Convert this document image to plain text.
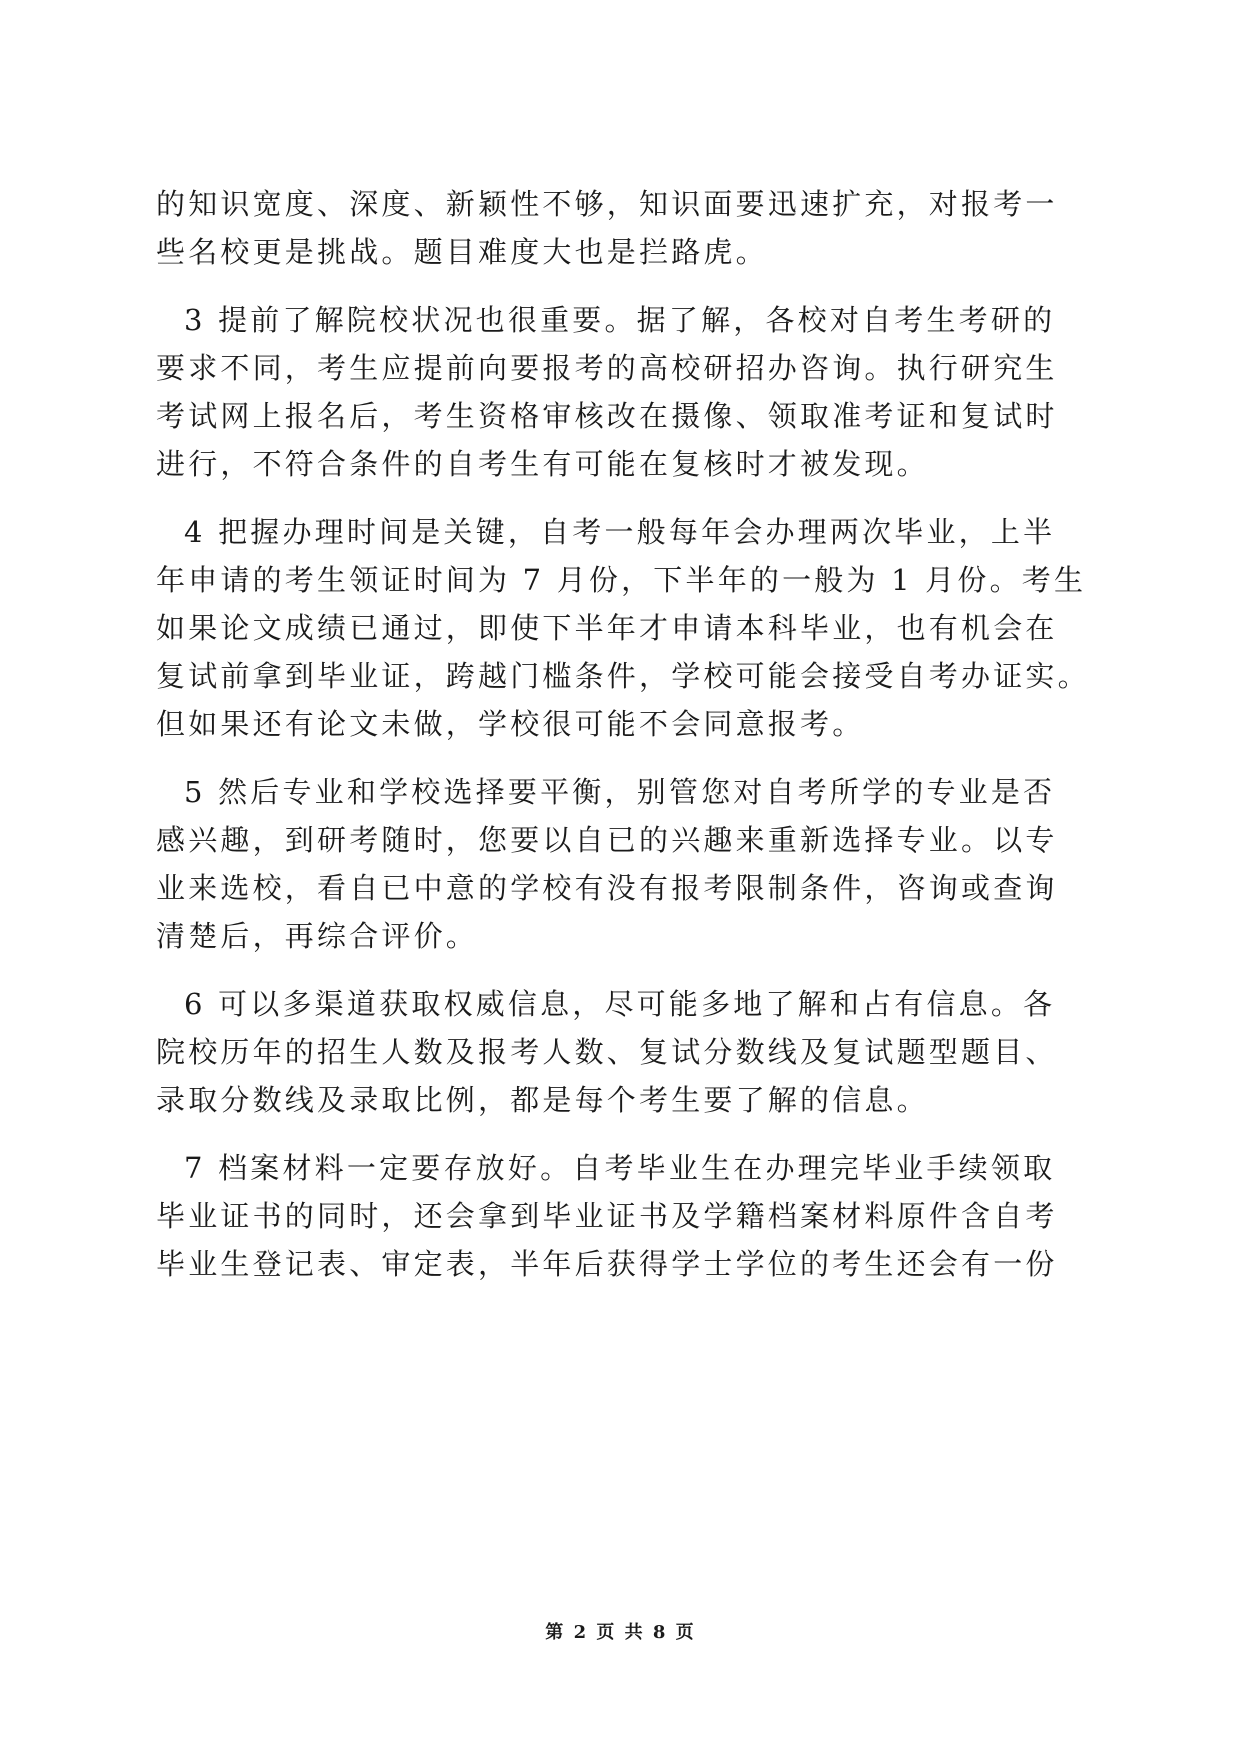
的知识宽度、深度、新颖性不够，知识面要迅速扩充，对报考一
些名校更是挑战。题目难度大也是拦路虎。
3 提前了解院校状况也很重要。据了解，各校对自考生考研的
要求不同，考生应提前向要报考的高校研招办咨询。执行研究生
考试网上报名后，考生资格审核改在摄像、领取准考证和复试时
进行，不符合条件的自考生有可能在复核时才被发现。
4 把握办理时间是关键，自考一般每年会办理两次毕业，上半
年申请的考生领证时间为 7 月份，下半年的一般为 1 月份。考生
如果论文成绩已通过，即使下半年才申请本科毕业，也有机会在
复试前拿到毕业证，跨越门槛条件，学校可能会接受自考办证实。
但如果还有论文未做，学校很可能不会同意报考。
5 然后专业和学校选择要平衡，别管您对自考所学的专业是否
感兴趣，到研考随时，您要以自已的兴趣来重新选择专业。以专
业来选校，看自已中意的学校有没有报考限制条件，咨询或查询
清楚后，再综合评价。
6 可以多渠道获取权威信息，尽可能多地了解和占有信息。各
院校历年的招生人数及报考人数、复试分数线及复试题型题目、
录取分数线及录取比例，都是每个考生要了解的信息。
7 档案材料一定要存放好。自考毕业生在办理完毕业手续领取
毕业证书的同时，还会拿到毕业证书及学籍档案材料原件含自考
毕业生登记表、审定表，半年后获得学士学位的考生还会有一份
第 2 页 共 8 页
